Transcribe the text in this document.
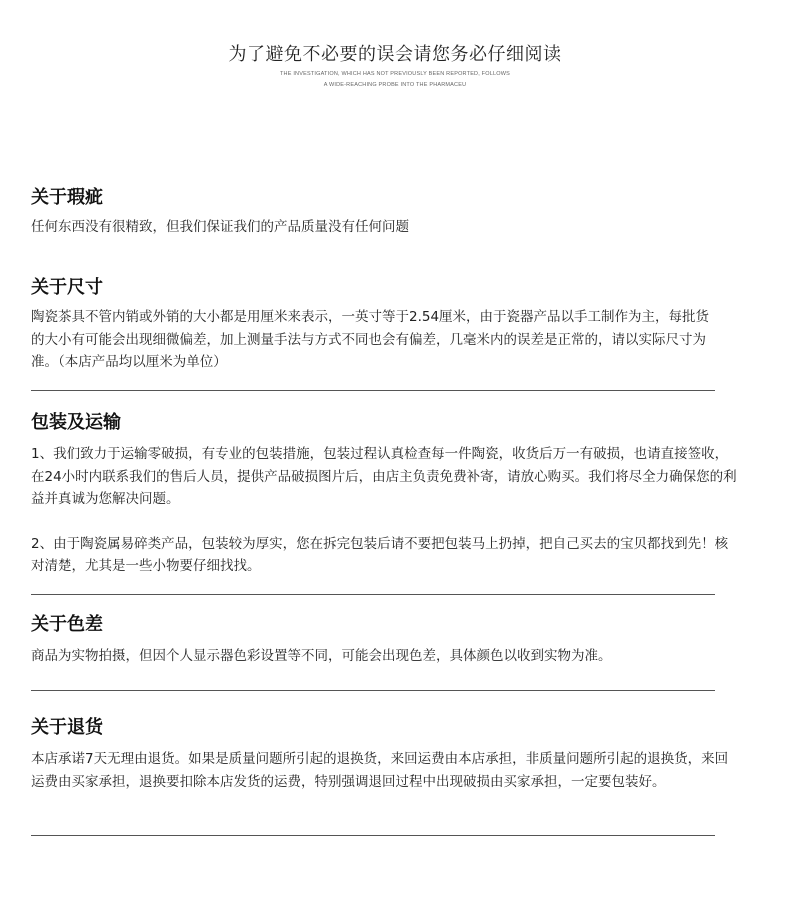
为了避免不必要的误会请您务必仔细阅读
THE INVESTIGATION, WHICH HAS NOT PREVIOUSLY BEEN REPORTED, FOLLOWS
A WIDE-REACHING PROBE INTO THE PHARMACEU
关于瑕疵

任何东西没有很精致，但我们保证我们的产品质量没有任何问题

关于尺寸

陶瓷茶具不管内销或外销的大小都是用厘米来表示，一英寸等于2.54厘米，由于瓷器产品以手工制作为主，每批货的大小有可能会出现细微偏差，加上测量手法与方式不同也会有偏差，几毫米内的误差是正常的，请以实际尺寸为准。（本店产品均以厘米为单位）

包装及运输

1、我们致力于运输零破损，有专业的包装措施，包装过程认真检查每一件陶瓷，收货后万一有破损，也请直接签收，在24小时内联系我们的售后人员，提供产品破损图片后，由店主负责免费补寄，请放心购买。我们将尽全力确保您的利益并真诚为您解决问题。

2、由于陶瓷属易碎类产品，包装较为厚实，您在拆完包装后请不要把包装马上扔掉，把自己买去的宝贝都找到先！核对清楚，尤其是一些小物要仔细找找。

关于色差

商品为实物拍摄，但因个人显示器色彩设置等不同，可能会出现色差，具体颜色以收到实物为准。

关于退货

本店承诺7天无理由退货。如果是质量问题所引起的退换货，来回运费由本店承担，非质量问题所引起的退换货，来回运费由买家承担，退换要扣除本店发货的运费，特别强调退回过程中出现破损由买家承担，一定要包装好。
